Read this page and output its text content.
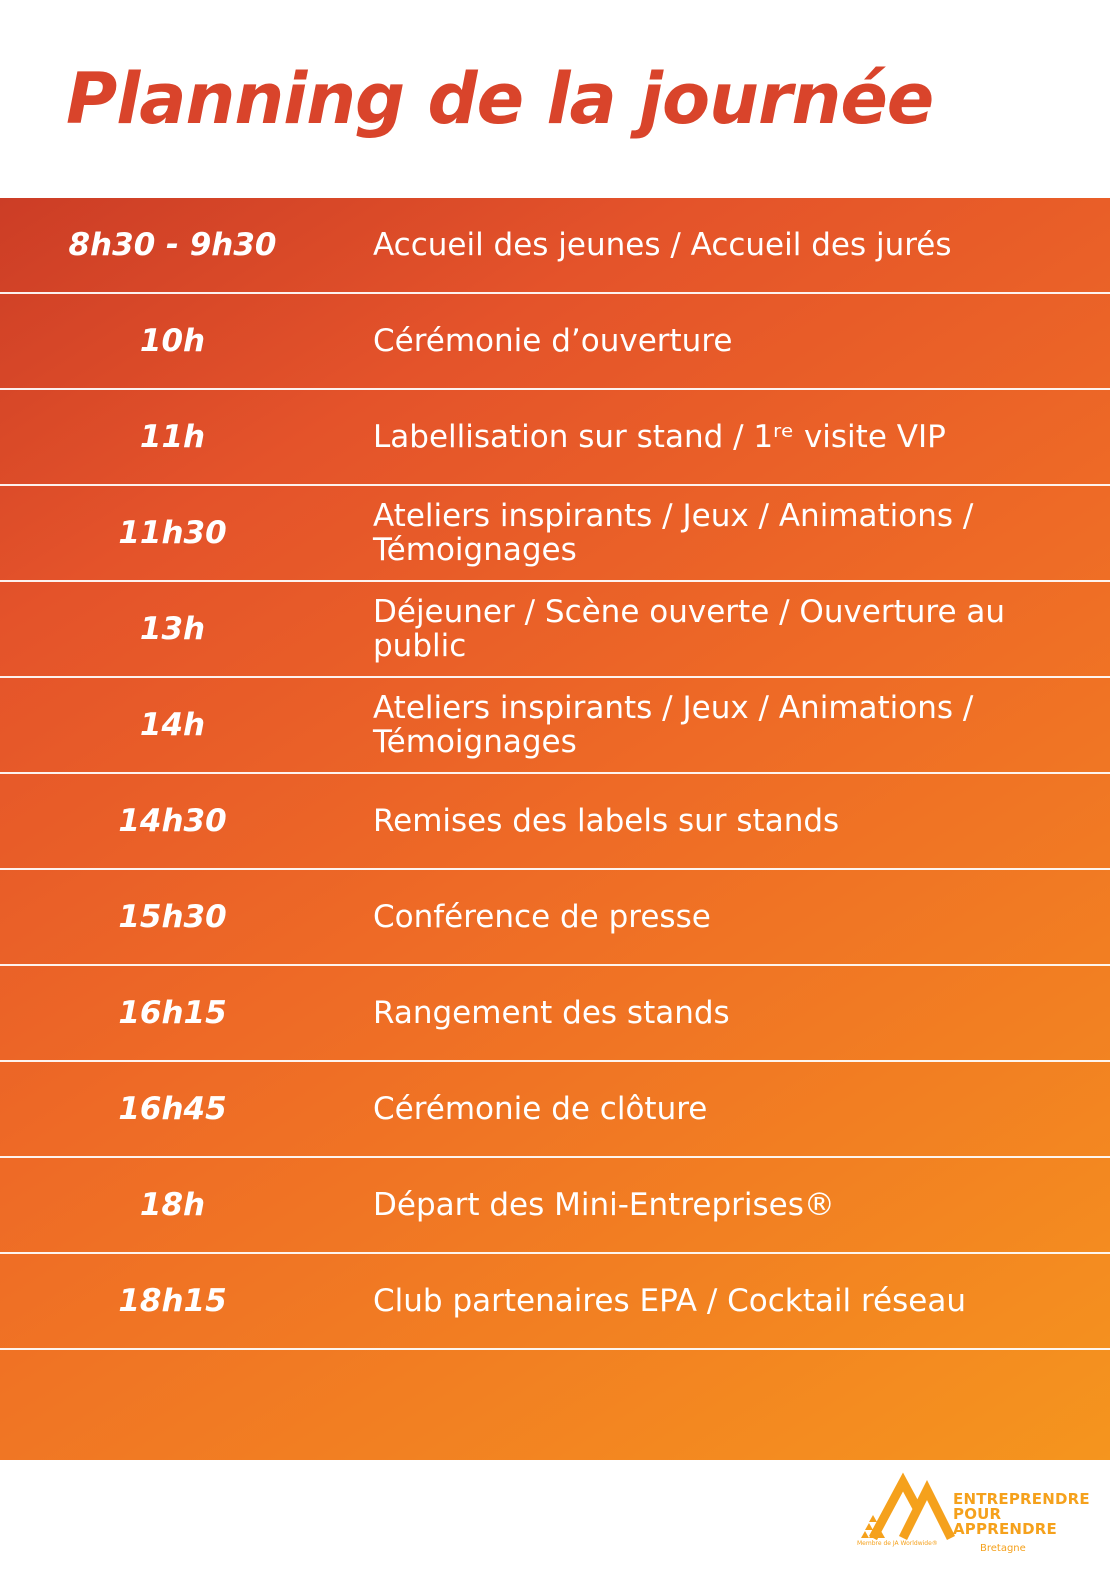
Planning de la journée
8h30 - 9h30	Accueil des jeunes / Accueil des jurés
10h	Cérémonie d’ouverture
11h	Labellisation sur stand / 1ʳᵉ visite VIP
11h30	Ateliers inspirants / Jeux / Animations / Témoignages
13h	Déjeuner / Scène ouverte / Ouverture au public
14h	Ateliers inspirants / Jeux / Animations / Témoignages
14h30	Remises des labels sur stands
15h30	Conférence de presse
16h15	Rangement des stands
16h45	Cérémonie de clôture
18h	Départ des Mini-Entreprises®
18h15	Club partenaires EPA / Cocktail réseau
Membre de JA Worldwide®
ENTREPRENDRE
POUR
APPRENDRE
Bretagne
